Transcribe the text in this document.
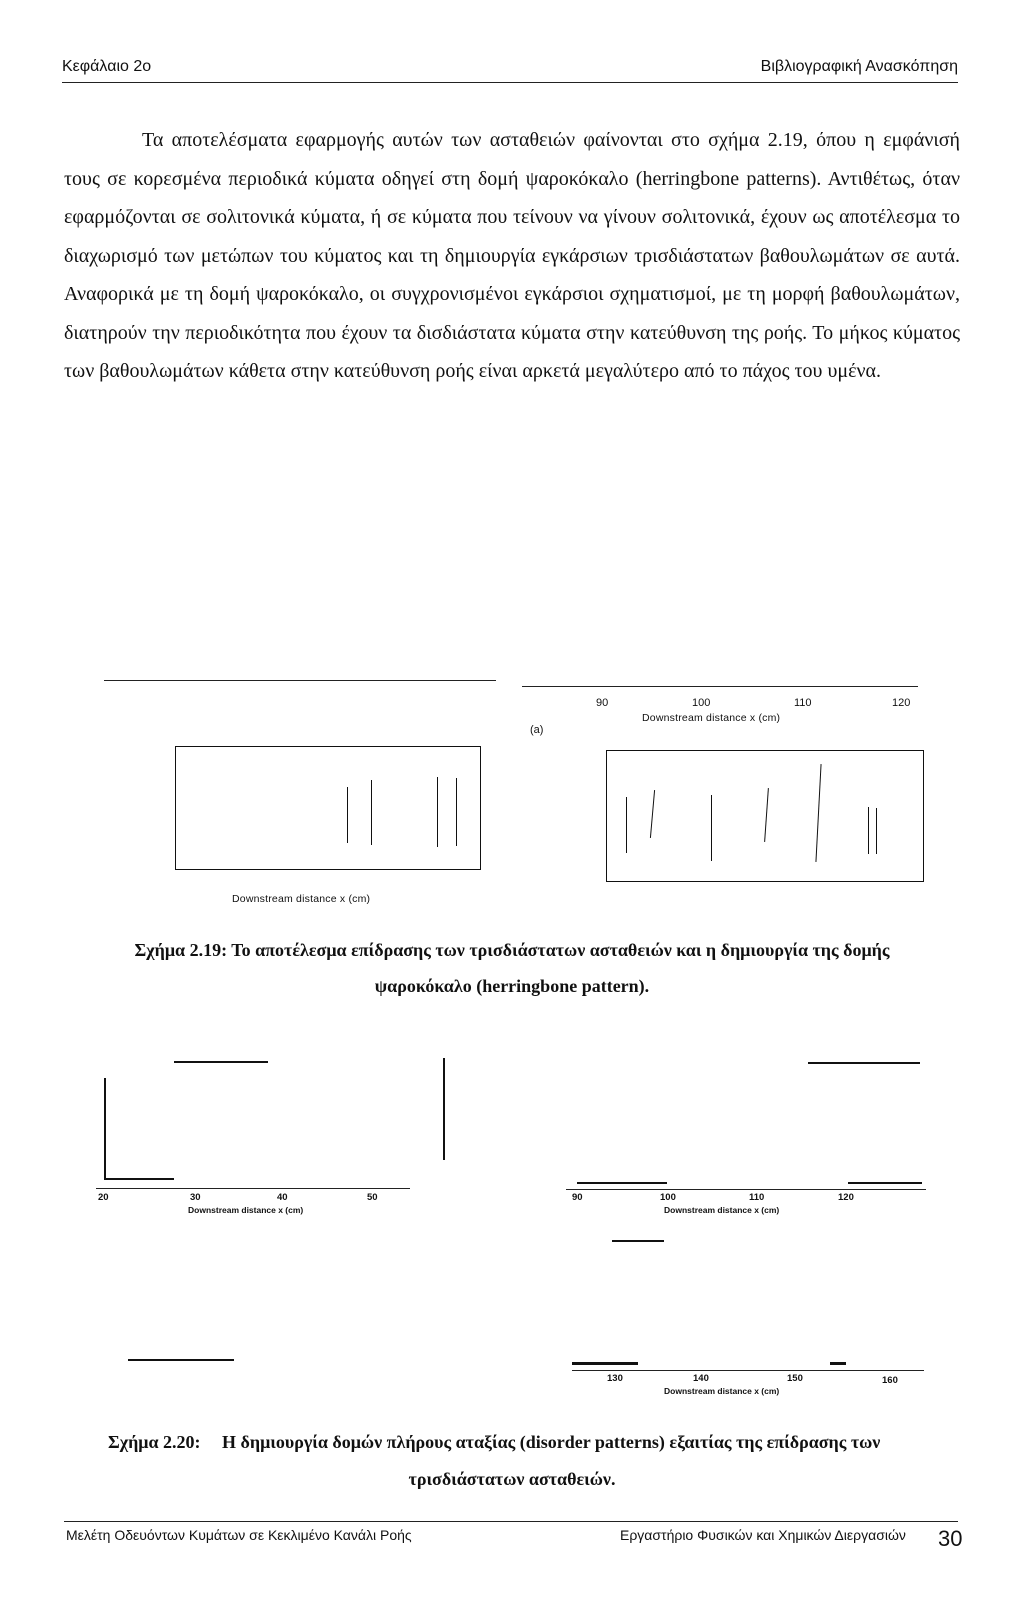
Κεφάλαιο 2ο	Βιβλιογραφική Ανασκόπηση

Τα αποτελέσματα εφαρμογής αυτών των ασταθειών φαίνονται στο σχήμα 2.19, όπου η εμφάνισή τους σε κορεσμένα περιοδικά κύματα οδηγεί στη δομή ψαροκόκαλο (herringbone patterns). Αντιθέτως, όταν εφαρμόζονται σε σολιτονικά κύματα, ή σε κύματα που τείνουν να γίνουν σολιτονικά, έχουν ως αποτέλεσμα το διαχωρισμό των μετώπων του κύματος και τη δημιουργία εγκάρσιων τρισδιάστατων βαθουλωμάτων σε αυτά. Αναφορικά με τη δομή ψαροκόκαλο, οι συγχρονισμένοι εγκάρσιοι σχηματισμοί, με τη μορφή βαθουλωμάτων, διατηρούν την περιοδικότητα που έχουν τα δισδιάστατα κύματα στην κατεύθυνση της ροής. Το μήκος κύματος των βαθουλωμάτων κάθετα στην κατεύθυνση ροής είναι αρκετά μεγαλύτερο από το πάχος του υμένα.

(a)
90	100	110	120
Downstream distance x (cm)
Downstream distance x (cm)
Σχήμα 2.19: Το αποτέλεσμα επίδρασης των τρισδιάστατων ασταθειών και η δημιουργία της δομής
ψαροκόκαλο (herringbone pattern).
20	30	40	50
Downstream distance x (cm)
90	100	110	120
Downstream distance x (cm)
130	140	150	160
Downstream distance x (cm)
Σχήμα 2.20: Η δημιουργία δομών πλήρους αταξίας (disorder patterns) εξαιτίας της επίδρασης των
τρισδιάστατων ασταθειών.
Μελέτη Οδευόντων Κυμάτων σε Κεκλιμένο Κανάλι Ροής	Εργαστήριο Φυσικών και Χημικών Διεργασιών 30
